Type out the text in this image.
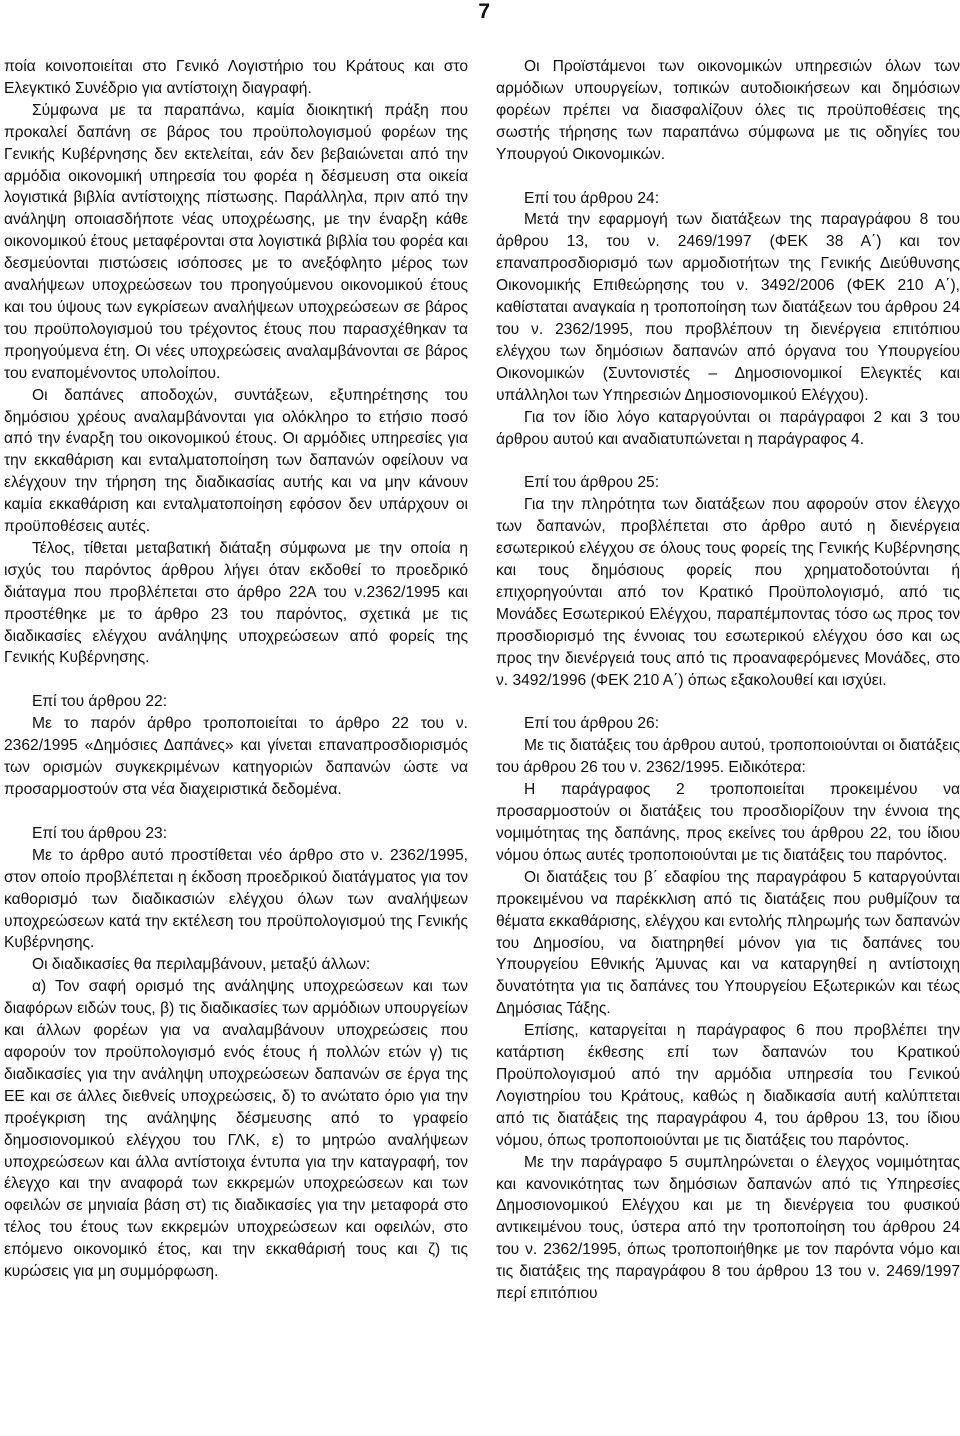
7

ποία κοινοποιείται στο Γενικό Λογιστήριο του Κράτους και στο Ελεγκτικό Συνέδριο για αντίστοιχη διαγραφή.

Σύμφωνα με τα παραπάνω, καμία διοικητική πράξη που προκαλεί δαπάνη σε βάρος του προϋπολογισμού φορέων της Γενικής Κυβέρνησης δεν εκτελείται, εάν δεν βεβαιώνεται από την αρμόδια οικονομική υπηρεσία του φορέα η δέσμευση στα οικεία λογιστικά βιβλία αντίστοιχης πίστωσης. Παράλληλα, πριν από την ανάληψη οποιασδήποτε νέας υποχρέωσης, με την έναρξη κάθε οικονομικού έτους μεταφέρονται στα λογιστικά βιβλία του φορέα και δεσμεύονται πιστώσεις ισόποσες με το ανεξόφλητο μέρος των αναλήψεων υποχρεώσεων του προηγούμενου οικονομικού έτους και του ύψους των εγκρίσεων αναλήψεων υποχρεώσεων σε βάρος του προϋπολογισμού του τρέχοντος έτους που παρασχέθηκαν τα προηγούμενα έτη. Οι νέες υποχρεώσεις αναλαμβάνονται σε βάρος του εναπομένοντος υπολοίπου.

Οι δαπάνες αποδοχών, συντάξεων, εξυπηρέτησης του δημόσιου χρέους αναλαμβάνονται για ολόκληρο το ετήσιο ποσό από την έναρξη του οικονομικού έτους. Οι αρμόδιες υπηρεσίες για την εκκαθάριση και ενταλματοποίηση των δαπανών οφείλουν να ελέγχουν την τήρηση της διαδικασίας αυτής και να μην κάνουν καμία εκκαθάριση και ενταλματοποίηση εφόσον δεν υπάρχουν οι προϋποθέσεις αυτές.

Τέλος, τίθεται μεταβατική διάταξη σύμφωνα με την οποία η ισχύς του παρόντος άρθρου λήγει όταν εκδοθεί το προεδρικό διάταγμα που προβλέπεται στο άρθρο 22Α του ν.2362/1995 και προστέθηκε με το άρθρο 23 του παρόντος, σχετικά με τις διαδικασίες ελέγχου ανάληψης υποχρεώσεων από φορείς της Γενικής Κυβέρνησης.

Επί του άρθρου 22:

Με το παρόν άρθρο τροποποιείται το άρθρο 22 του ν. 2362/1995 «Δημόσιες Δαπάνες» και γίνεται επαναπροσδιορισμός των ορισμών συγκεκριμένων κατηγοριών δαπανών ώστε να προσαρμοστούν στα νέα διαχειριστικά δεδομένα.

Επί του άρθρου 23:

Με το άρθρο αυτό προστίθεται νέο άρθρο στο ν. 2362/1995, στον οποίο προβλέπεται η έκδοση προεδρικού διατάγματος για τον καθορισμό των διαδικασιών ελέγχου όλων των αναλήψεων υποχρεώσεων κατά την εκτέλεση του προϋπολογισμού της Γενικής Κυβέρνησης.

Οι διαδικασίες θα περιλαμβάνουν, μεταξύ άλλων:

α) Τον σαφή ορισμό της ανάληψης υποχρεώσεων και των διαφόρων ειδών τους, β) τις διαδικασίες των αρμόδιων υπουργείων και άλλων φορέων για να αναλαμβάνουν υποχρεώσεις που αφορούν τον προϋπολογισμό ενός έτους ή πολλών ετών γ) τις διαδικασίες για την ανάληψη υποχρεώσεων δαπανών σε έργα της ΕΕ και σε άλλες διεθνείς υποχρεώσεις, δ) το ανώτατο όριο για την προέγκριση της ανάληψης δέσμευσης από το γραφείο δημοσιονομικού ελέγχου του ΓΛΚ, ε) το μητρώο αναλήψεων υποχρεώσεων και άλλα αντίστοιχα έντυπα για την καταγραφή, τον έλεγχο και την αναφορά των εκκρεμών υποχρεώσεων και των οφειλών σε μηνιαία βάση στ) τις διαδικασίες για την μεταφορά στο τέλος του έτους των εκκρεμών υποχρεώσεων και οφειλών, στο επόμενο οικονομικό έτος, και την εκκαθάρισή τους και ζ) τις κυρώσεις για μη συμμόρφωση.

Οι Προϊστάμενοι των οικονομικών υπηρεσιών όλων των αρμόδιων υπουργείων, τοπικών αυτοδιοικήσεων και δημόσιων φορέων πρέπει να διασφαλίζουν όλες τις προϋποθέσεις της σωστής τήρησης των παραπάνω σύμφωνα με τις οδηγίες του Υπουργού Οικονομικών.

Επί του άρθρου 24:

Μετά την εφαρμογή των διατάξεων της παραγράφου 8 του άρθρου 13, του ν. 2469/1997 (ΦΕΚ 38 Α΄) και τον επαναπροσδιορισμό των αρμοδιοτήτων της Γενικής Διεύθυνσης Οικονομικής Επιθεώρησης του ν. 3492/2006 (ΦΕΚ 210 Α΄), καθίσταται αναγκαία η τροποποίηση των διατάξεων του άρθρου 24 του ν. 2362/1995, που προβλέπουν τη διενέργεια επιτόπιου ελέγχου των δημόσιων δαπανών από όργανα του Υπουργείου Οικονομικών (Συντονιστές – Δημοσιονομικοί Ελεγκτές και υπάλληλοι των Υπηρεσιών Δημοσιονομικού Ελέγχου).

Για τον ίδιο λόγο καταργούνται οι παράγραφοι 2 και 3 του άρθρου αυτού και αναδιατυπώνεται η παράγραφος 4.

Επί του άρθρου 25:

Για την πληρότητα των διατάξεων που αφορούν στον έλεγχο των δαπανών, προβλέπεται στο άρθρο αυτό η διενέργεια εσωτερικού ελέγχου σε όλους τους φορείς της Γενικής Κυβέρνησης και τους δημόσιους φορείς που χρηματοδοτούνται ή επιχορηγούνται από τον Κρατικό Προϋπολογισμό, από τις Μονάδες Εσωτερικού Ελέγχου, παραπέμποντας τόσο ως προς τον προσδιορισμό της έννοιας του εσωτερικού ελέγχου όσο και ως προς την διενέργειά τους από τις προαναφερόμενες Μονάδες, στο ν. 3492/1996 (ΦΕΚ 210 Α΄) όπως εξακολουθεί και ισχύει.

Επί του άρθρου 26:

Με τις διατάξεις του άρθρου αυτού, τροποποιούνται οι διατάξεις του άρθρου 26 του ν. 2362/1995. Ειδικότερα:

Η παράγραφος 2 τροποποιείται προκειμένου να προσαρμοστούν οι διατάξεις του προσδιορίζουν την έννοια της νομιμότητας της δαπάνης, προς εκείνες του άρθρου 22, του ίδιου νόμου όπως αυτές τροποποιούνται με τις διατάξεις του παρόντος.

Οι διατάξεις του β΄ εδαφίου της παραγράφου 5 καταργούνται προκειμένου να παρέκκλιση από τις διατάξεις που ρυθμίζουν τα θέματα εκκαθάρισης, ελέγχου και εντολής πληρωμής των δαπανών του Δημοσίου, να διατηρηθεί μόνον για τις δαπάνες του Υπουργείου Εθνικής Άμυνας και να καταργηθεί η αντίστοιχη δυνατότητα για τις δαπάνες του Υπουργείου Εξωτερικών και τέως Δημόσιας Τάξης.

Επίσης, καταργείται η παράγραφος 6 που προβλέπει την κατάρτιση έκθεσης επί των δαπανών του Κρατικού Προϋπολογισμού από την αρμόδια υπηρεσία του Γενικού Λογιστηρίου του Κράτους, καθώς η διαδικασία αυτή καλύπτεται από τις διατάξεις της παραγράφου 4, του άρθρου 13, του ίδιου νόμου, όπως τροποποιούνται με τις διατάξεις του παρόντος.

Με την παράγραφο 5 συμπληρώνεται ο έλεγχος νομιμότητας και κανονικότητας των δημόσιων δαπανών από τις Υπηρεσίες Δημοσιονομικού Ελέγχου και με τη διενέργεια του φυσικού αντικειμένου τους, ύστερα από την τροποποίηση του άρθρου 24 του ν. 2362/1995, όπως τροποποιήθηκε με τον παρόντα νόμο και τις διατάξεις της παραγράφου 8 του άρθρου 13 του ν. 2469/1997 περί επιτόπιου
